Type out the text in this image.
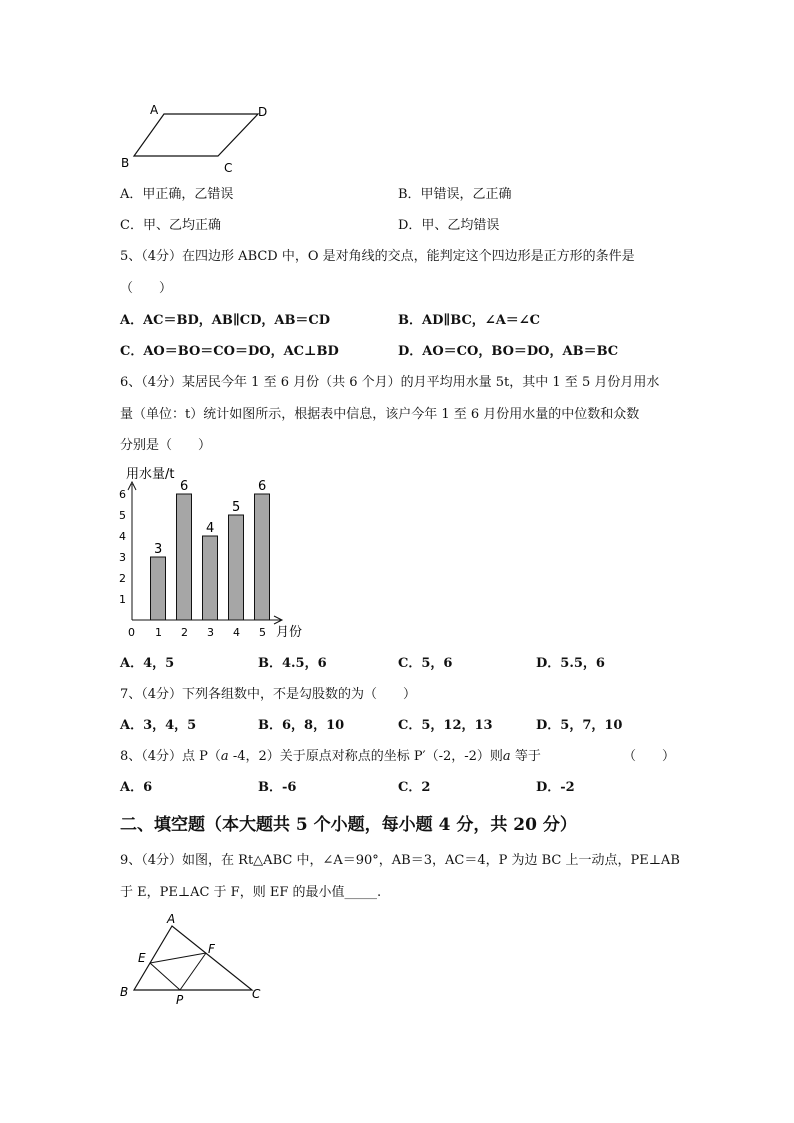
A	D
B	C
A．甲正确，乙错误	B．甲错误，乙正确
C．甲、乙均正确	D．甲、乙均错误
5、（4分）在四边形 ABCD 中，O 是对角线的交点，能判定这个四边形是正方形的条件是
（　　）
A．AC＝BD，AB∥CD，AB＝CD	B．AD∥BC，∠A＝∠C
C．AO＝BO＝CO＝DO，AC⊥BD	D．AO＝CO，BO＝DO，AB＝BC
6、（4分）某居民今年 1 至 6 月份（共 6 个月）的月平均用水量 5t，其中 1 至 5 月份月用水
量（单位：t）统计如图所示，根据表中信息，该户今年 1 至 6 月份用水量的中位数和众数
分别是（　　）
用水量/t
月份
0
1
2
3
4
5
6
3
1
6
2
4
3
5
4
6
5
A．4，5	B．4.5，6	C．5，6	D．5.5，6
7、（4分）下列各组数中，不是勾股数的为（　　）
A．3，4，5	B．6，8，10	C．5，12，13	D．5，7，10
8、（4分）点 P（a -4，2）关于原点对称点的坐标 P′（-2，-2）则a 等于	（　　）
A．6	B．-6	C．2	D．-2
二、填空题（本大题共 5 个小题，每小题 4 分，共 20 分）
9、（4分）如图，在 Rt△ABC 中，∠A＝90°，AB＝3，AC＝4，P 为边 BC 上一动点，PE⊥AB
于 E，PE⊥AC 于 F，则 EF 的最小值_____.
A
B	C
E
F
P
